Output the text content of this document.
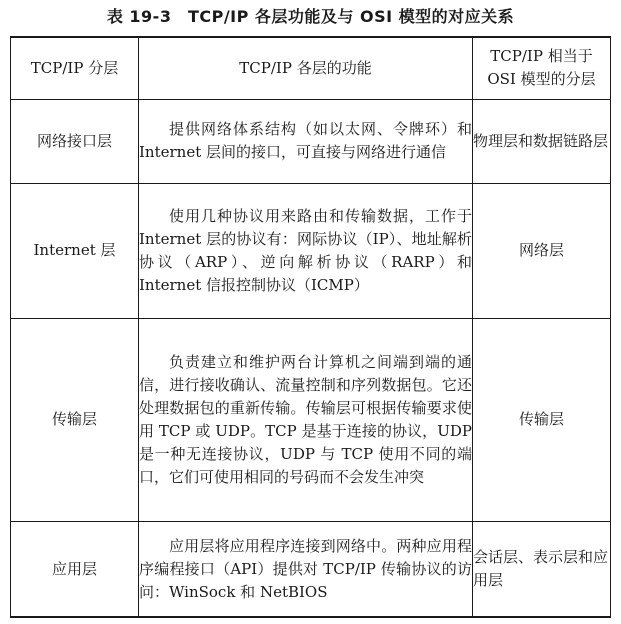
表 19-3　TCP/IP 各层功能及与 OSI 模型的对应关系
TCP/IP 分层	TCP/IP 各层的功能	TCP/IP 相当于 OSI 模型的分层
网络接口层	提供网络体系结构（如以太网、令牌环）和 Internet 层间的接口，可直接与网络进行通信	物理层和数据链路层
Internet 层	使用几种协议用来路由和传输数据，工作于 Internet 层的协议有：网际协议（IP）、地址解析协议（ARP）、逆向解析协议（RARP）和 Internet 信报控制协议（ICMP）	网络层
传输层	负责建立和维护两台计算机之间端到端的通信，进行接收确认、流量控制和序列数据包。它还处理数据包的重新传输。传输层可根据传输要求使用 TCP 或 UDP。TCP 是基于连接的协议，UDP 是一种无连接协议，UDP 与 TCP 使用不同的端口，它们可使用相同的号码而不会发生冲突	传输层
应用层	应用层将应用程序连接到网络中。两种应用程序编程接口（API）提供对 TCP/IP 传输协议的访问：WinSock 和 NetBIOS	会话层、表示层和应用层
